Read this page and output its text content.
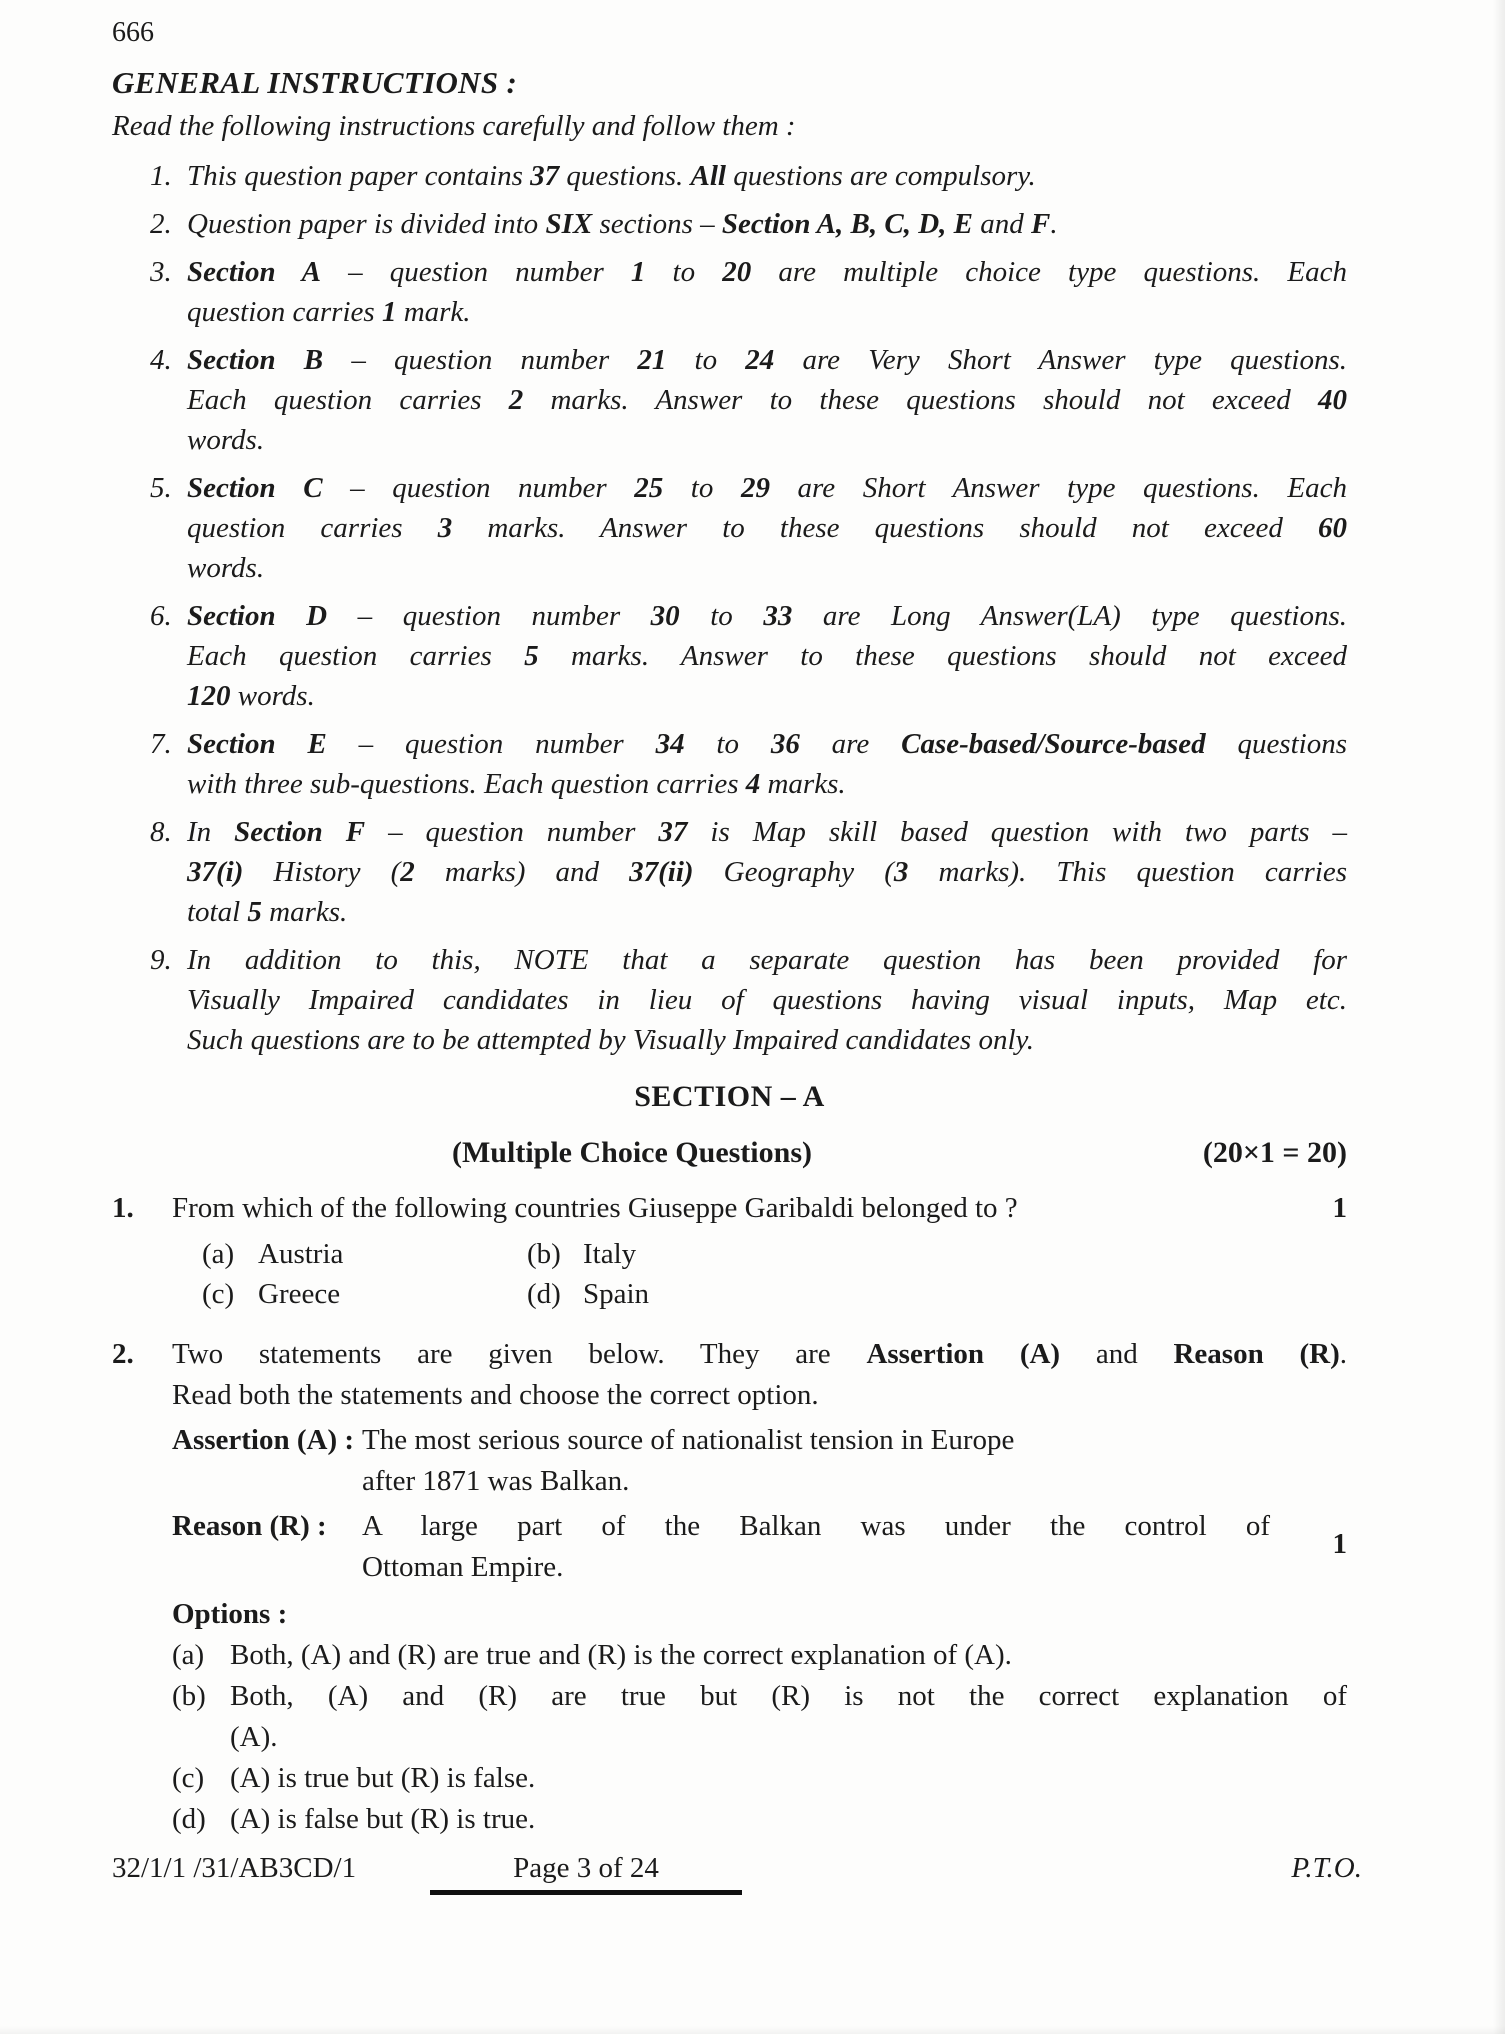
666
GENERAL INSTRUCTIONS :
Read the following instructions carefully and follow them :
1. This question paper contains 37 questions. All questions are compulsory.
2. Question paper is divided into SIX sections – Section A, B, C, D, E and F.
3. Section A – question number 1 to 20 are multiple choice type questions. Each
question carries 1 mark.
4. Section B – question number 21 to 24 are Very Short Answer type questions.
Each question carries 2 marks. Answer to these questions should not exceed 40
words.
5. Section C – question number 25 to 29 are Short Answer type questions. Each
question carries 3 marks. Answer to these questions should not exceed 60
words.
6. Section D – question number 30 to 33 are Long Answer(LA) type questions.
Each question carries 5 marks. Answer to these questions should not exceed
120 words.
7. Section E – question number 34 to 36 are Case-based/Source-based questions
with three sub-questions. Each question carries 4 marks.
8. In Section F – question number 37 is Map skill based question with two parts –
37(i) History (2 marks) and 37(ii) Geography (3 marks). This question carries
total 5 marks.
9. In addition to this, NOTE that a separate question has been provided for
Visually Impaired candidates in lieu of questions having visual inputs, Map etc.
Such questions are to be attempted by Visually Impaired candidates only.
SECTION – A
(Multiple Choice Questions)	(20×1 = 20)
1.	From which of the following countries Giuseppe Garibaldi belonged to ?
(a) Austria	(b) Italy
(c) Greece	(d) Spain
1
2.	Two statements are given below. They are Assertion (A) and Reason (R).
Read both the statements and choose the correct option.
Assertion (A) : The most serious source of nationalist tension in Europe
after 1871 was Balkan.
Reason (R) :	A large part of the Balkan was under the control of
Ottoman Empire.
Options :
(a) Both, (A) and (R) are true and (R) is the correct explanation of (A).
(b) Both, (A) and (R) are true but (R) is not the correct explanation of
(A).
(c) (A) is true but (R) is false.
(d) (A) is false but (R) is true.
1
32/1/1 /31/AB3CD/1	Page 3 of 24	P.T.O.
